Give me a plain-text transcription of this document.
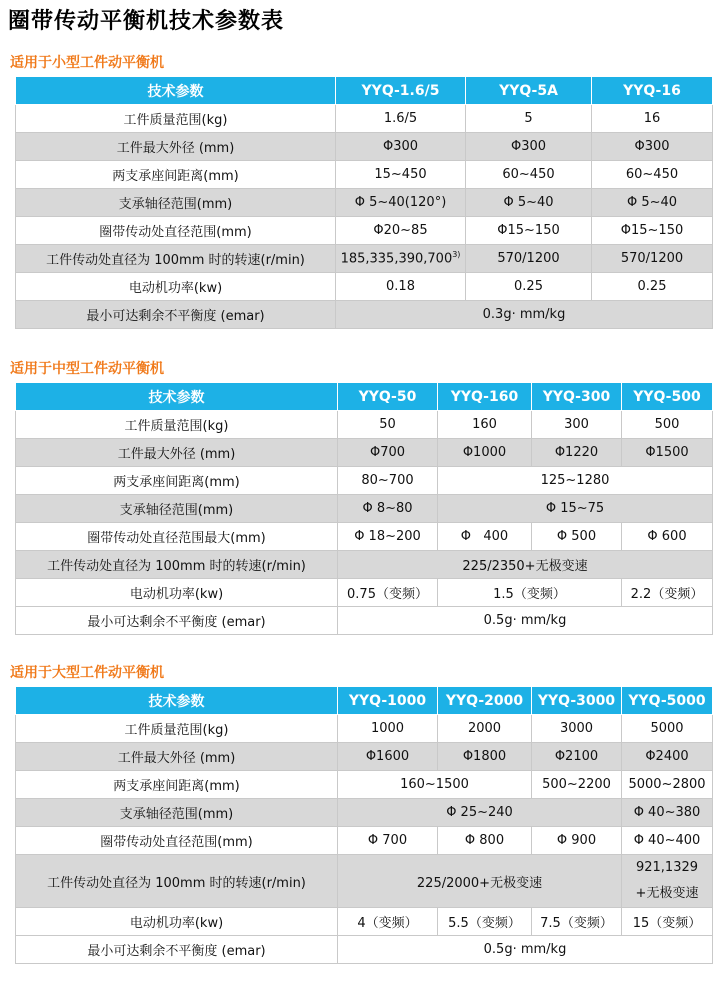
圈带传动平衡机技术参数表
适用于小型工件动平衡机
技术参数	YYQ-1.6/5	YYQ-5A	YYQ-16
工件质量范围(kg)	1.6/5	5	16
工件最大外径 (mm)	Φ300	Φ300	Φ300
两支承座间距离(mm)	15~450	60~450	60~450
支承轴径范围(mm)	Φ 5~40(120°)	Φ 5~40	Φ 5~40
圈带传动处直径范围(mm)	Φ20~85	Φ15~150	Φ15~150
工件传动处直径为 100mm 时的转速(r/min)	185,335,390,700$^{3)}$	570/1200	570/1200
电动机功率(kw)	0.18	0.25	0.25
最小可达剩余不平衡度 (emar)	0.3g· mm/kg		
适用于中型工件动平衡机
技术参数	YYQ-50	YYQ-160	YYQ-300	YYQ-500
工件质量范围(kg)	50	160	300	500
工件最大外径 (mm)	Φ700	Φ1000	Φ1220	Φ1500
两支承座间距离(mm)	80~700	125~1280		
支承轴径范围(mm)	Φ 8~80	Φ 15~75		
圈带传动处直径范围最大(mm)	Φ 18~200	Φ   400	Φ 500	Φ 600
工件传动处直径为 100mm 时的转速(r/min)	225/2350+无极变速			
电动机功率(kw)	0.75（变频）	1.5（变频）		2.2（变频）
最小可达剩余不平衡度 (emar)	0.5g· mm/kg			
适用于大型工件动平衡机
技术参数	YYQ-1000	YYQ-2000	YYQ-3000	YYQ-5000
工件质量范围(kg)	1000	2000	3000	5000
工件最大外径 (mm)	Φ1600	Φ1800	Φ2100	Φ2400
两支承座间距离(mm)	160~1500		500~2200	5000~2800
支承轴径范围(mm)	Φ 25~240			Φ 40~380
圈带传动处直径范围(mm)	Φ 700	Φ 800	Φ 900	Φ 40~400
工件传动处直径为 100mm 时的转速(r/min)	225/2000+无极变速			921,1329
+无极变速

电动机功率(kw)	4（变频）	5.5（变频）	7.5（变频）	15（变频）
最小可达剩余不平衡度 (emar)	0.5g· mm/kg			
